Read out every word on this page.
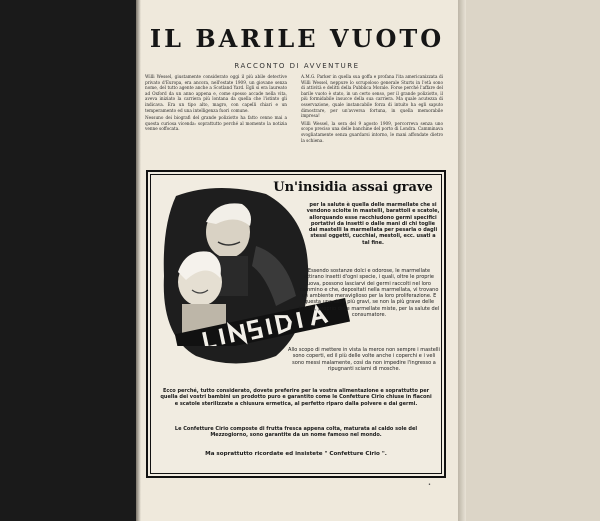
IL BARILE VUOTO
RACCONTO DI AVVENTURE

Willi Wessel, giustamente considerato oggi il più abile detective privato d'Europa, era ancora, nell'estate 1909, un giovane senza nome, del tutto agente anche a Scotland Yard. Egli si era laureato ad Oxford da un anno appena e, come spesso accade nella vita, aveva iniziato la carriera più lontana da quella che l'istinto gli indicava. Era un tipo alto, magro, con capelli chiari e un temperamento ed una intelligenza fuori comune.

Nessuno dei biografi del grande poliziotto ha fatto cenno mai a questa curiosa vicenda: soprattutto perché al momento la notizia venne soffocata.

A.M.G. Parker in quella sua goffa e profana l'ita americanizzata di Willi Wessel, neppure lo scrupoloso generale Sturts in l'età sono di attività e delitti della Pubblica Morale. Forse perché l'affare del barile vuoto è stato, in un certo senso, per il grande poliziotto, il più formidabile insucce della sua carriera. Ma quale acutezza di osservazione, quale instancabile forza di intuito ha egli saputo dimostrare, per un'avversa fortuna, in quella memorabile impresa!

Willi Wessel, la sera del 9 agosto 1909, percorreva senza uno scopo preciso una delle banchine del porto di Londra. Camminava svogliatamente senza guardarsi intorno, le mani affondate dietro la schiena.

Un'insidia assai grave
per la salute è quella delle marmellate che si vendono sciolte in mastelli, barattoli e scatole, allorquando esse racchiudono germi specifici portativi da insetti o dalle mani di chi toglie dai mastelli la marmellata per pesarla o dagli stessi oggetti, cucchiai, mestoli, ecc. usati a tal fine.
Essendo sostanze dolci e odorose, le marmellate attirano insetti d'ogni specie, i quali, oltre le proprie uova, possono lasciarvi dei germi raccolti nel loro cammino e che, depositati nella marmellata, vi trovano un ambiente meraviglioso per la loro proliferazione. E questa una delle più gravi, se non la più grave delle insidie, proprio delle marmellate miste, per la salute del consumatore.
Allo scopo di mettere in vista la merce non sempre i mastelli sono coperti, ed il più delle volte anche i coperchi e i veli sono messi malamente, così da non impedire l'ingresso a ripugnanti sciami di mosche.
Ecco perché, tutto considerato, dovete preferire per la vostra alimentazione e soprattutto per quella dei vostri bambini un prodotto puro e garantito come le Confetture Cirio chiuse in flaconi e scatole sterilizzate a chiusura ermetica, al perfetto riparo dalla polvere e dai germi.
Le Confetture Cirio composte di frutta fresca appena colta, maturata al caldo sole del Mezzogiorno, sono garantite da un nome famoso nel mondo.
Ma soprattutto ricordate ed insistete " Confetture Cirio ".
•
